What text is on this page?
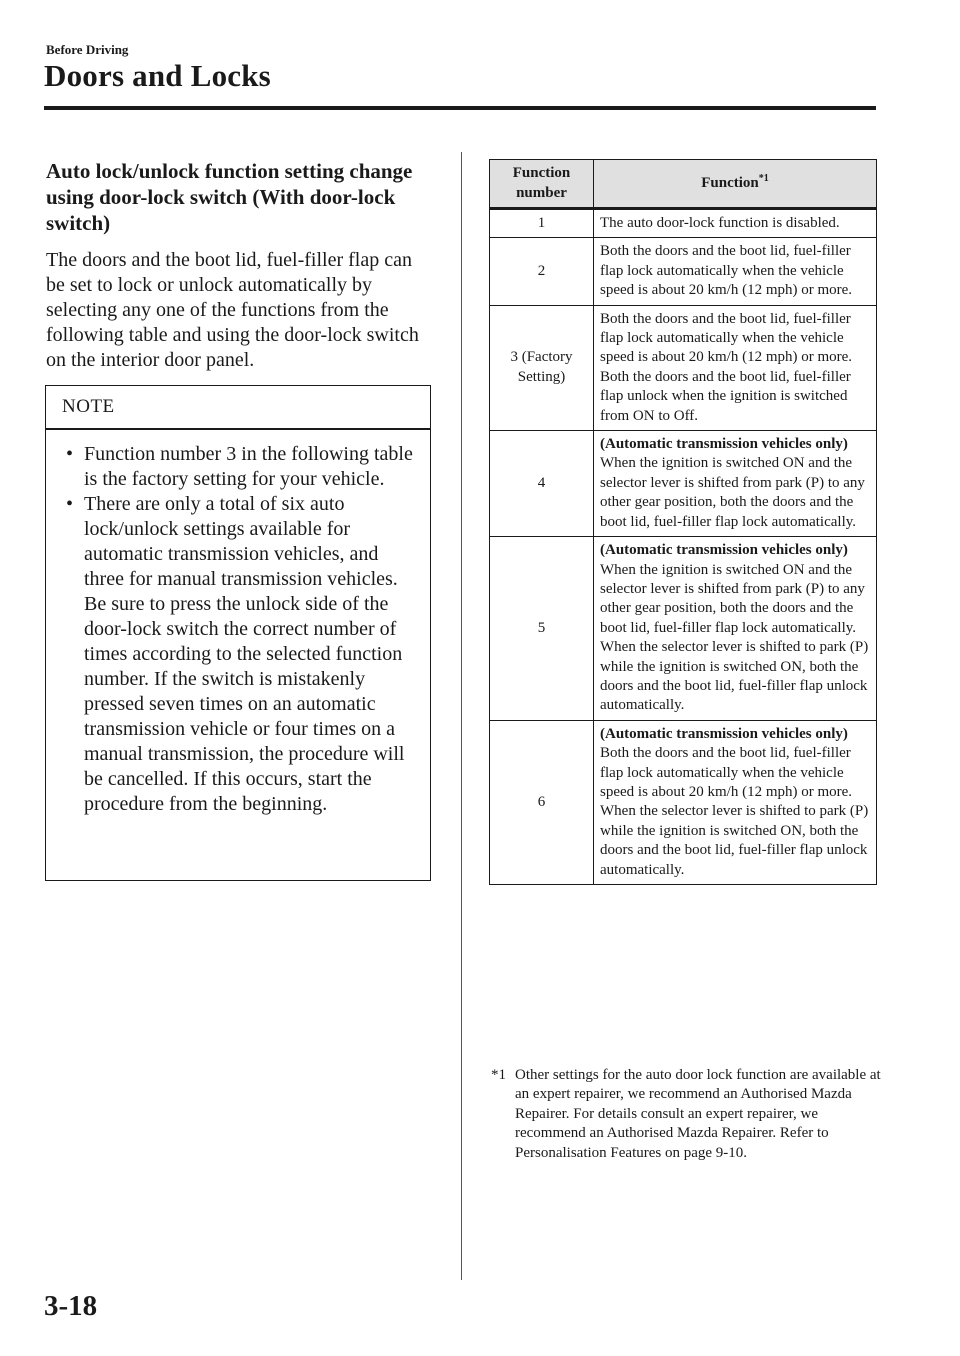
Before Driving
Doors and Locks
Auto lock/unlock function setting change using door-lock switch (With door-lock switch)

The doors and the boot lid, fuel-filler flap can be set to lock or unlock automatically by selecting any one of the functions from the following table and using the door-lock switch on the interior door panel.

NOTE
• Function number 3 in the following table is the factory setting for your vehicle.
• There are only a total of six auto lock/unlock settings available for automatic transmission vehicles, and three for manual transmission vehicles. Be sure to press the unlock side of the door-lock switch the correct number of times according to the selected function number. If the switch is mistakenly pressed seven times on an automatic transmission vehicle or four times on a manual transmission, the procedure will be cancelled. If this occurs, start the procedure from the beginning.
Function number	Function$^{*1}$
1	The auto door-lock function is disabled.
2	Both the doors and the boot lid, fuel-filler flap lock automatically when the vehicle speed is about 20 km/h (12 mph) or more.
3 (Factory Setting)	Both the doors and the boot lid, fuel-filler flap lock automatically when the vehicle speed is about 20 km/h (12 mph) or more. Both the doors and the boot lid, fuel-filler flap unlock when the ignition is switched from ON to Off.
4	(Automatic transmission vehicles only)
When the ignition is switched ON and the selector lever is shifted from park (P) to any other gear position, both the doors and the boot lid, fuel-filler flap lock automatically.
5	(Automatic transmission vehicles only)
When the ignition is switched ON and the selector lever is shifted from park (P) to any other gear position, both the doors and the boot lid, fuel-filler flap lock automatically. When the selector lever is shifted to park (P) while the ignition is switched ON, both the doors and the boot lid, fuel-filler flap unlock automatically.
6	(Automatic transmission vehicles only)
Both the doors and the boot lid, fuel-filler flap lock automatically when the vehicle speed is about 20 km/h (12 mph) or more. When the selector lever is shifted to park (P) while the ignition is switched ON, both the doors and the boot lid, fuel-filler flap unlock automatically.
*1 Other settings for the auto door lock function are available at an expert repairer, we recommend an Authorised Mazda Repairer. For details consult an expert repairer, we recommend an Authorised Mazda Repairer. Refer to Personalisation Features on page 9-10.
3-18
